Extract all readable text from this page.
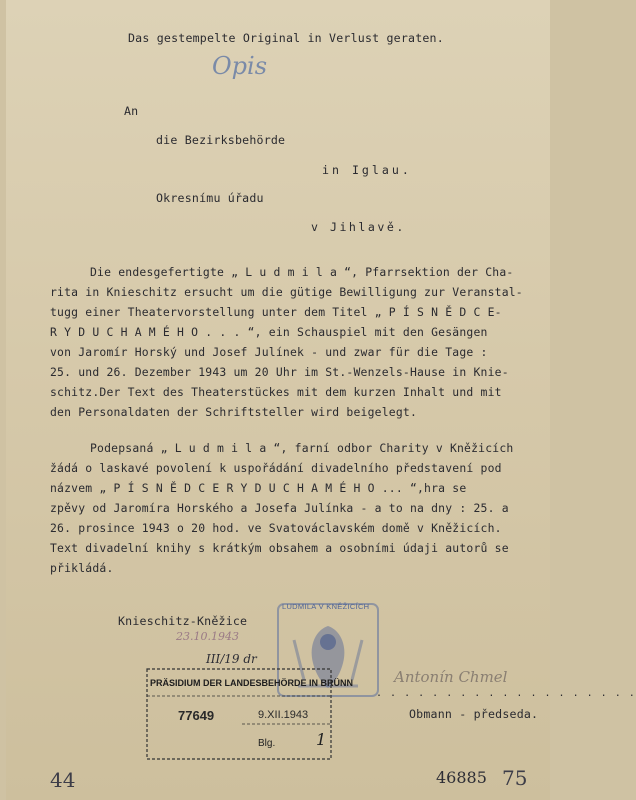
Das gestempelte Original in Verlust geraten.
Opis
An
die Bezirksbehörde
in Iglau.
Okresnímu úřadu
v Jihlavě.
Die endesgefertigte „ L u d m i l a “, Pfarrsektion der Cha-
rita in Knieschitz ersucht um die gütige Bewilligung zur Veranstal-
tugg einer Theatervorstellung unter dem Titel „ P Í S N Ě D C E-
R Y D U C H A M É H O . . . “, ein Schauspiel mit den Gesängen
von Jaromír Horský und Josef Julínek - und zwar für die Tage :
25. und 26. Dezember 1943 um 20 Uhr im St.-Wenzels-Hause in Knie-
schitz.Der Text des Theaterstückes mit dem kurzen Inhalt und mit
den Personaldaten der Schriftsteller wird beigelegt.
Podepsaná „ L u d m i l a “, farní odbor Charity v Kněžicích
žádá o laskavé povolení k uspořádání divadelního představení pod
názvem „ P Í S N Ě D C E R Y D U C H A M É H O ... “,hra se
zpěvy od Jaromíra Horského a Josefa Julínka - a to na dny : 25. a
26. prosince 1943 o 20 hod. ve Svatováclavském domě v Kněžicích.
Text divadelní knihy s krátkým obsahem a osobními údaji autorů se
přikládá.
Knieschitz-Kněžice
23.10.1943
LUDMILA V KNĚŽICÍCH
III/19 dr
PRÄSIDIUM DER LANDESBEHÖRDE IN BRÜNN
77649	9.XII.1943
Blg.	1
Antonín Chmel
. . . . . . . . . . . . . . . . . . .
Obmann - předseda.
44	46885 75
